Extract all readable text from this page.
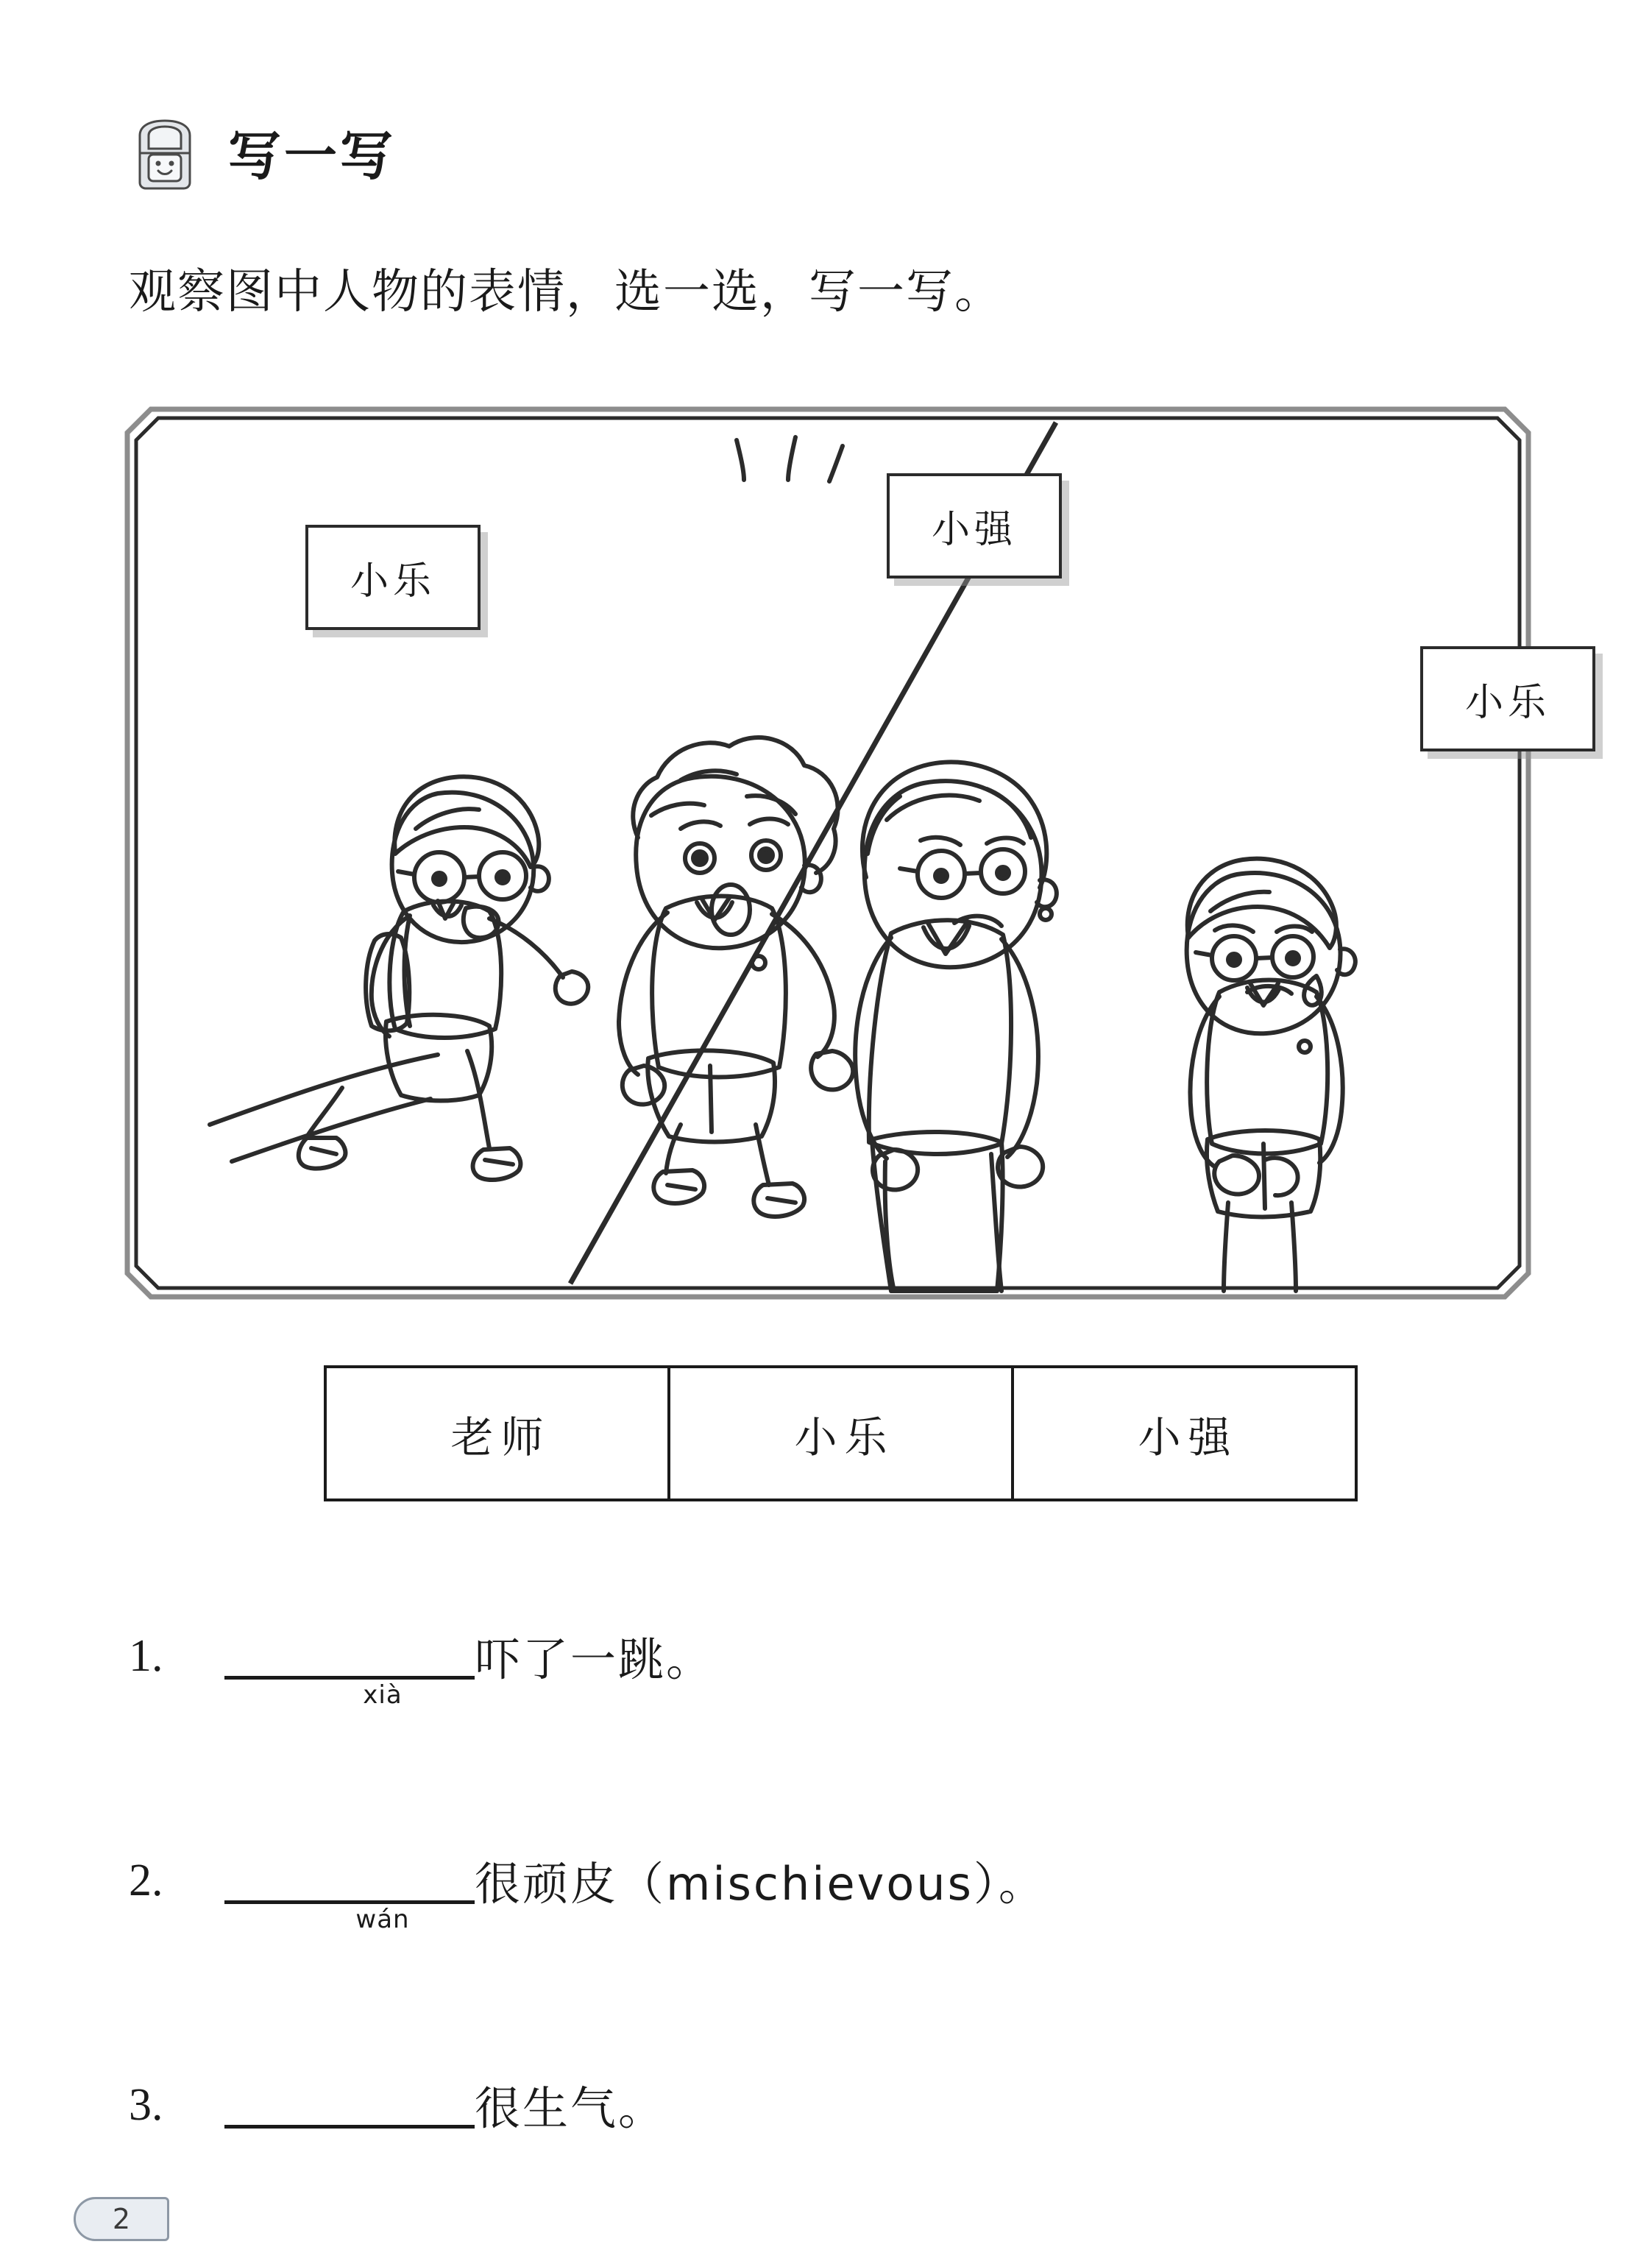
写一写
观察图中人物的表情，选一选，写一写。
小乐
小强
小乐
老师	小乐	小强
1.
xià
吓了一跳。
2.
wán
很顽皮（mischievous）。
3.	很生气。
2
